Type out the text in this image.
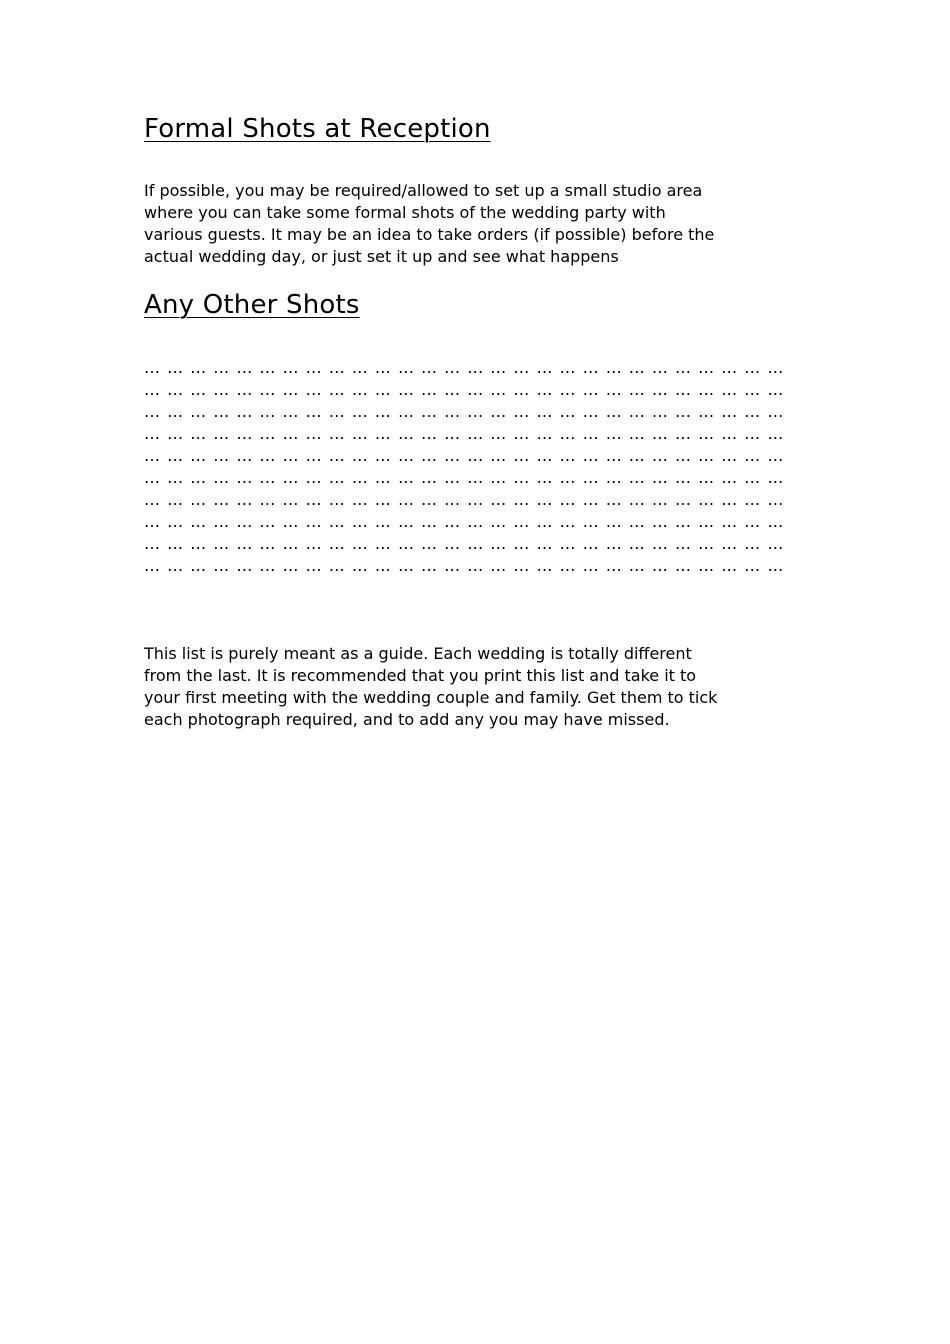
Formal Shots at Reception

If possible, you may be required/allowed to set up a small studio area
where you can take some formal shots of the wedding party with
various guests. It may be an idea to take orders (if possible) before the
actual wedding day, or just set it up and see what happens

Any Other Shots
… … … … … … … … … … … … … … … … … … … … … … … … … … … …
… … … … … … … … … … … … … … … … … … … … … … … … … … … …
… … … … … … … … … … … … … … … … … … … … … … … … … … … …
… … … … … … … … … … … … … … … … … … … … … … … … … … … …
… … … … … … … … … … … … … … … … … … … … … … … … … … … …
… … … … … … … … … … … … … … … … … … … … … … … … … … … …
… … … … … … … … … … … … … … … … … … … … … … … … … … … …
… … … … … … … … … … … … … … … … … … … … … … … … … … … …
… … … … … … … … … … … … … … … … … … … … … … … … … … … …
… … … … … … … … … … … … … … … … … … … … … … … … … … … …

This list is purely meant as a guide. Each wedding is totally different
from the last. It is recommended that you print this list and take it to
your first meeting with the wedding couple and family. Get them to tick
each photograph required, and to add any you may have missed.
